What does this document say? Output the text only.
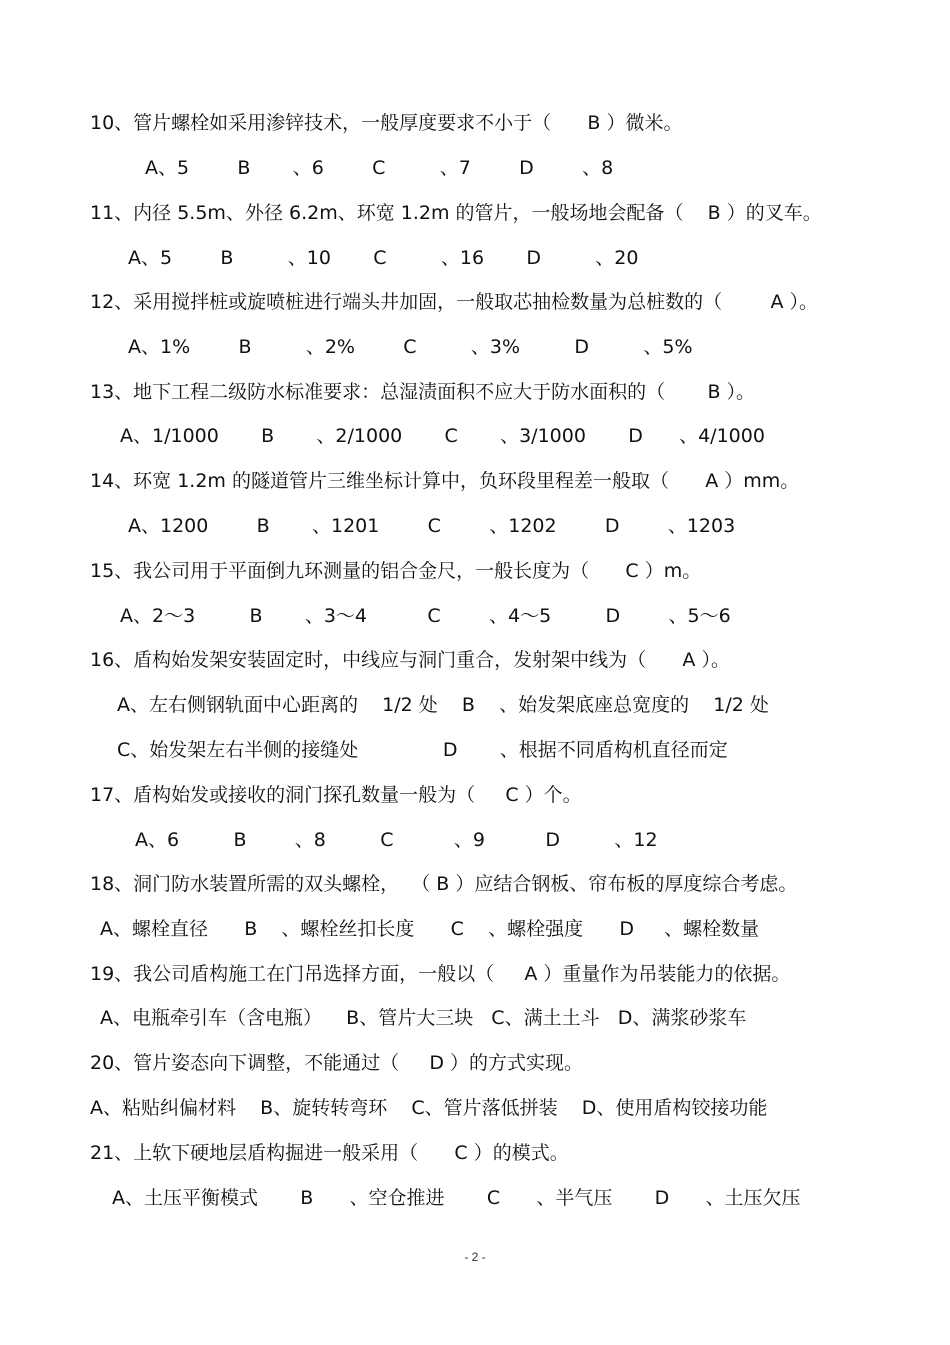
10、管片螺栓如采用渗锌技术，一般厚度要求不小于（      B ）微米。
A、5        B       、6        C         、7        D        、8
11、内径 5.5m、外径 6.2m、环宽 1.2m 的管片，一般场地会配备（    B ）的叉车。
A、5        B         、10       C         、16       D         、20
12、采用搅拌桩或旋喷桩进行端头井加固，一般取芯抽检数量为总桩数的（        A ）。
A、1%        B         、2%        C         、3%         D         、5%
13、地下工程二级防水标准要求：总湿渍面积不应大于防水面积的（       B ）。
A、1/1000       B       、2/1000       C       、3/1000       D      、4/1000
14、环宽 1.2m 的隧道管片三维坐标计算中，负环段里程差一般取（      A ）mm。
A、1200        B       、1201        C        、1202        D        、1203
15、我公司用于平面倒九环测量的铝合金尺，一般长度为（      C ）m。
A、2～3         B       、3～4          C        、4～5         D        、5～6
16、盾构始发架安装固定时，中线应与洞门重合，发射架中线为（      A ）。
A、左右侧钢轨面中心距离的    1/2 处    B    、始发架底座总宽度的    1/2 处
C、始发架左右半侧的接缝处              D       、根据不同盾构机直径而定
17、盾构始发或接收的洞门探孔数量一般为（     C ）个。
A、6         B        、8         C          、9          D         、12
18、洞门防水装置所需的双头螺栓，  （ B ）应结合钢板、帘布板的厚度综合考虑。
A、螺栓直径      B    、螺栓丝扣长度      C    、螺栓强度      D     、螺栓数量
19、我公司盾构施工在门吊选择方面，一般以（     A ）重量作为吊装能力的依据。
A、电瓶牵引车（含电瓶）    B、管片大三块   C、满土土斗   D、满浆砂浆车
20、管片姿态向下调整，不能通过（     D ）的方式实现。
A、粘贴纠偏材料    B、旋转转弯环    C、管片落低拼装    D、使用盾构铰接功能
21、上软下硬地层盾构掘进一般采用（      C ）的模式。
A、土压平衡模式       B      、空仓推进       C      、半气压       D      、土压欠压
- 2 -
